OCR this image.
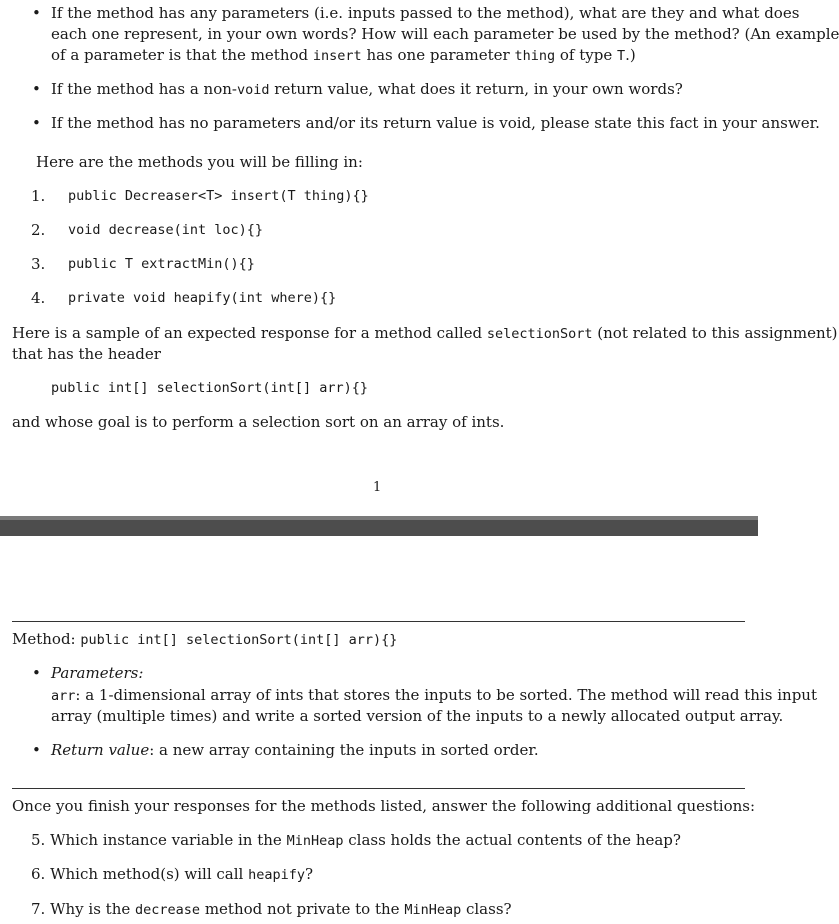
• If the method has any parameters (i.e. inputs passed to the method), what are they and what does
each one represent, in your own words? How will each parameter be used by the method? (An example
of a parameter is that the method insert has one parameter thing of type T.)
• If the method has a non-void return value, what does it return, in your own words?
• If the method has no parameters and/or its return value is void, please state this fact in your answer.
Here are the methods you will be filling in:
1.	public Decreaser<T> insert(T thing){}
2.	void decrease(int loc){}
3.	public T extractMin(){}
4.	private void heapify(int where){}
Here is a sample of an expected response for a method called selectionSort (not related to this assignment)
that has the header
public int[] selectionSort(int[] arr){}
and whose goal is to perform a selection sort on an array of ints.
1
Method: public int[] selectionSort(int[] arr){}
• Parameters:
arr: a 1-dimensional array of ints that stores the inputs to be sorted. The method will read this input
array (multiple times) and write a sorted version of the inputs to a newly allocated output array.
• Return value: a new array containing the inputs in sorted order.
Once you finish your responses for the methods listed, answer the following additional questions:
5. Which instance variable in the MinHeap class holds the actual contents of the heap?
6. Which method(s) will call heapify?
7. Why is the decrease method not private to the MinHeap class?
